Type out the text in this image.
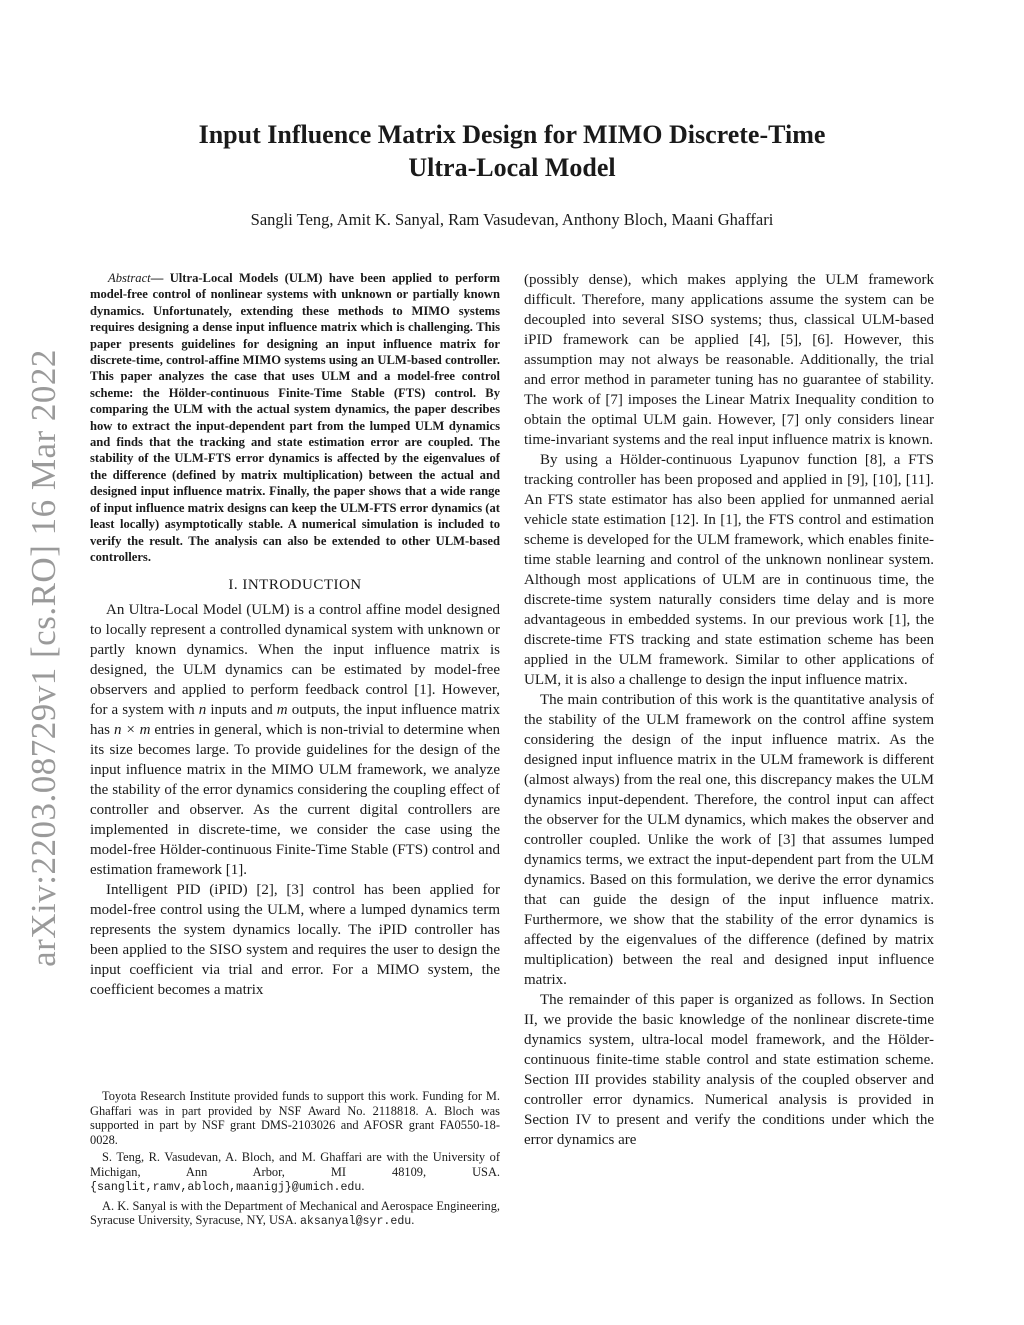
arXiv:2203.08729v1 [cs.RO] 16 Mar 2022
Input Influence Matrix Design for MIMO Discrete-Time
Ultra-Local Model

Sangli Teng, Amit K. Sanyal, Ram Vasudevan, Anthony Bloch, Maani Ghaffari

Abstract— Ultra-Local Models (ULM) have been applied to perform model-free control of nonlinear systems with unknown or partially known dynamics. Unfortunately, extending these methods to MIMO systems requires designing a dense input influence matrix which is challenging. This paper presents guidelines for designing an input influence matrix for discrete-time, control-affine MIMO systems using an ULM-based controller. This paper analyzes the case that uses ULM and a model-free control scheme: the Hölder-continuous Finite-Time Stable (FTS) control. By comparing the ULM with the actual system dynamics, the paper describes how to extract the input-dependent part from the lumped ULM dynamics and finds that the tracking and state estimation error are coupled. The stability of the ULM-FTS error dynamics is affected by the eigenvalues of the difference (defined by matrix multiplication) between the actual and designed input influence matrix. Finally, the paper shows that a wide range of input influence matrix designs can keep the ULM-FTS error dynamics (at least locally) asymptotically stable. A numerical simulation is included to verify the result. The analysis can also be extended to other ULM-based controllers.

I. INTRODUCTION

An Ultra-Local Model (ULM) is a control affine model designed to locally represent a controlled dynamical system with unknown or partly known dynamics. When the input influence matrix is designed, the ULM dynamics can be estimated by model-free observers and applied to perform feedback control [1]. However, for a system with n inputs and m outputs, the input influence matrix has n × m entries in general, which is non-trivial to determine when its size becomes large. To provide guidelines for the design of the input influence matrix in the MIMO ULM framework, we analyze the stability of the error dynamics considering the coupling effect of controller and observer. As the current digital controllers are implemented in discrete-time, we consider the case using the model-free Hölder-continuous Finite-Time Stable (FTS) control and estimation framework [1].

Intelligent PID (iPID) [2], [3] control has been applied for model-free control using the ULM, where a lumped dynamics term represents the system dynamics locally. The iPID controller has been applied to the SISO system and requires the user to design the input coefficient via trial and error. For a MIMO system, the coefficient becomes a matrix

(possibly dense), which makes applying the ULM framework difficult. Therefore, many applications assume the system can be decoupled into several SISO systems; thus, classical ULM-based iPID framework can be applied [4], [5], [6]. However, this assumption may not always be reasonable. Additionally, the trial and error method in parameter tuning has no guarantee of stability. The work of [7] imposes the Linear Matrix Inequality condition to obtain the optimal ULM gain. However, [7] only considers linear time-invariant systems and the real input influence matrix is known.

By using a Hölder-continuous Lyapunov function [8], a FTS tracking controller has been proposed and applied in [9], [10], [11]. An FTS state estimator has also been applied for unmanned aerial vehicle state estimation [12]. In [1], the FTS control and estimation scheme is developed for the ULM framework, which enables finite-time stable learning and control of the unknown nonlinear system. Although most applications of ULM are in continuous time, the discrete-time system naturally considers time delay and is more advantageous in embedded systems. In our previous work [1], the discrete-time FTS tracking and state estimation scheme has been applied in the ULM framework. Similar to other applications of ULM, it is also a challenge to design the input influence matrix.

The main contribution of this work is the quantitative analysis of the stability of the ULM framework on the control affine system considering the design of the input influence matrix. As the designed input influence matrix in the ULM framework is different (almost always) from the real one, this discrepancy makes the ULM dynamics input-dependent. Therefore, the control input can affect the observer for the ULM dynamics, which makes the observer and controller coupled. Unlike the work of [3] that assumes lumped dynamics terms, we extract the input-dependent part from the ULM dynamics. Based on this formulation, we derive the error dynamics that can guide the design of the input influence matrix. Furthermore, we show that the stability of the error dynamics is affected by the eigenvalues of the difference (defined by matrix multiplication) between the real and designed input influence matrix.

The remainder of this paper is organized as follows. In Section II, we provide the basic knowledge of the nonlinear discrete-time dynamics system, ultra-local model framework, and the Hölder-continuous finite-time stable control and state estimation scheme. Section III provides stability analysis of the coupled observer and controller error dynamics. Numerical analysis is provided in Section IV to present and verify the conditions under which the error dynamics are

Toyota Research Institute provided funds to support this work. Funding for M. Ghaffari was in part provided by NSF Award No. 2118818. A. Bloch was supported in part by NSF grant DMS-2103026 and AFOSR grant FA0550-18-0028.

S. Teng, R. Vasudevan, A. Bloch, and M. Ghaffari are with the University of Michigan, Ann Arbor, MI 48109, USA. {sanglit,ramv,abloch,maanigj}@umich.edu.

A. K. Sanyal is with the Department of Mechanical and Aerospace Engineering, Syracuse University, Syracuse, NY, USA. aksanyal@syr.edu.
